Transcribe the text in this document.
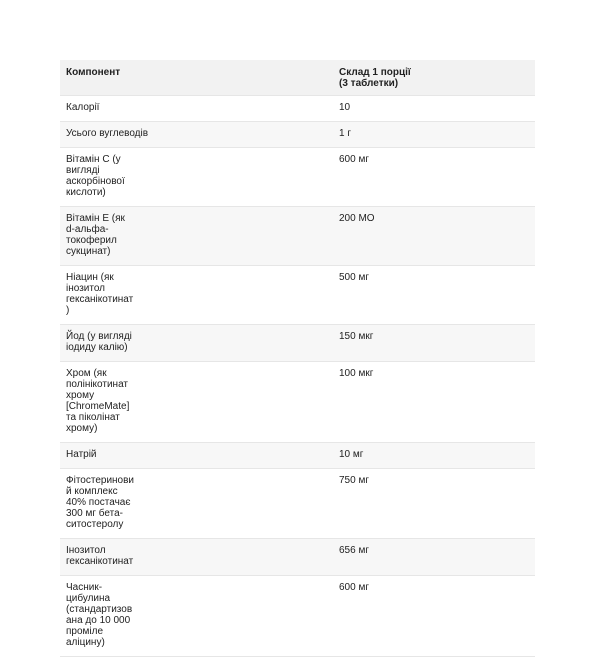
Компонент	Склад 1 порції
(3 таблетки)

Калорії	10

Усього вуглеводів	1 г

Вітамін С (у вигляді аскорбінової кислоти)	600 мг

Вітамін Е (як d-альфа-токоферил сукцинат)	200 МО

Ніацин (як інозитол гексанікотинат)	500 мг

Йод (у вигляді іодиду калію)	150 мкг

Хром (як полінікотинат хрому [ChromeMate] та піколінат хрому)	100 мкг

Натрій	10 мг

Фітостериновий комплекс 40% постачає 300 мг бета-ситостеролу	750 мг

Інозитол гексанікотинат	656 мг

Часник-цибулина (стандартизована до 10 000 проміле аліцину)	600 мг
